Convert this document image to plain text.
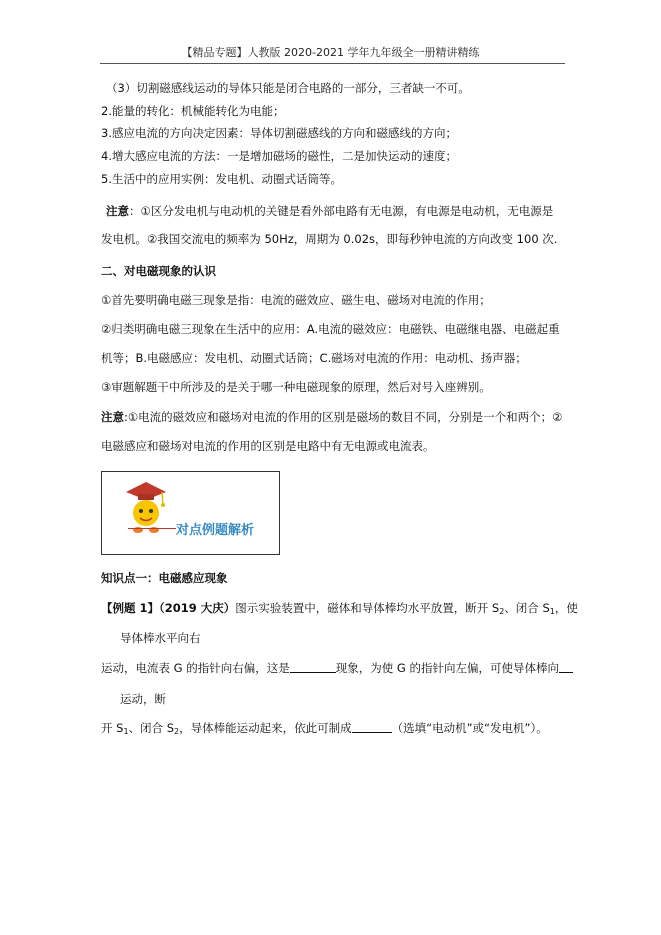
【精品专题】人教版 2020-2021 学年九年级全一册精讲精练
（3）切割磁感线运动的导体只能是闭合电路的一部分，三者缺一不可。
2.能量的转化：机械能转化为电能；
3.感应电流的方向决定因素：导体切割磁感线的方向和磁感线的方向；
4.增大感应电流的方法：一是增加磁场的磁性，二是加快运动的速度；
5.生活中的应用实例：发电机、动圈式话筒等。
注意：①区分发电机与电动机的关键是看外部电路有无电源，有电源是电动机，无电源是
发电机。②我国交流电的频率为 50Hz，周期为 0.02s，即每秒钟电流的方向改变 100 次.
二、对电磁现象的认识
①首先要明确电磁三现象是指：电流的磁效应、磁生电、磁场对电流的作用；
②归类明确电磁三现象在生活中的应用：A.电流的磁效应：电磁铁、电磁继电器、电磁起重
机等；B.电磁感应：发电机、动圈式话筒；C.磁场对电流的作用：电动机、扬声器；
③审题解题干中所涉及的是关于哪一种电磁现象的原理，然后对号入座辨别。
注意:①电流的磁效应和磁场对电流的作用的区别是磁场的数目不同，分别是一个和两个；②
电磁感应和磁场对电流的作用的区别是电路中有无电源或电流表。
对点例题解析
知识点一：电磁感应现象
【例题 1】（2019 大庆）图示实验装置中，磁体和导体棒均水平放置，断开 $S_2$、闭合 $S_1$，使
导体棒水平向右
运动，电流表 G 的指针向右偏，这是	现象，为使 G 的指针向左偏，可使导体棒向
运动，断
开 $S_1$、闭合 $S_2$，导体棒能运动起来，依此可制成	（选填“电动机”或“发电机”）。
